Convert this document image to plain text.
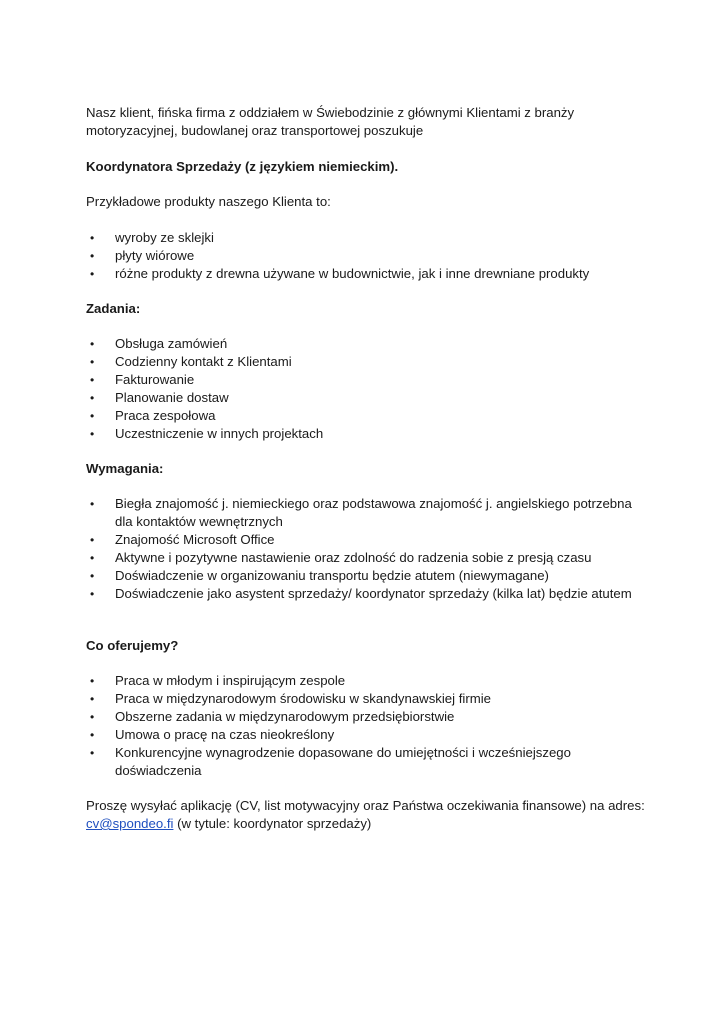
Nasz klient, fińska firma z oddziałem w Świebodzinie z głównymi Klientami z branży motoryzacyjnej, budowlanej oraz transportowej poszukuje

Koordynatora Sprzedaży (z językiem niemieckim).

Przykładowe produkty naszego Klienta to:

• wyroby ze sklejki
• płyty wiórowe
• różne produkty z drewna używane w budownictwie, jak i inne drewniane produkty

Zadania:

• Obsługa zamówień
• Codzienny kontakt z Klientami
• Fakturowanie
• Planowanie dostaw
• Praca zespołowa
• Uczestniczenie w innych projektach

Wymagania:

• Biegła znajomość j. niemieckiego oraz podstawowa znajomość j. angielskiego potrzebna dla kontaktów wewnętrznych
• Znajomość Microsoft Office
• Aktywne i pozytywne nastawienie oraz zdolność do radzenia sobie z presją czasu
• Doświadczenie w organizowaniu transportu będzie atutem (niewymagane)
• Doświadczenie jako asystent sprzedaży/ koordynator sprzedaży (kilka lat) będzie atutem

Co oferujemy?

• Praca w młodym i inspirującym zespole
• Praca w międzynarodowym środowisku w skandynawskiej firmie
• Obszerne zadania w międzynarodowym przedsiębiorstwie
• Umowa o pracę na czas nieokreślony
• Konkurencyjne wynagrodzenie dopasowane do umiejętności i wcześniejszego doświadczenia

Proszę wysyłać aplikację (CV, list motywacyjny oraz Państwa oczekiwania finansowe) na adres: cv@spondeo.fi (w tytule: koordynator sprzedaży)
